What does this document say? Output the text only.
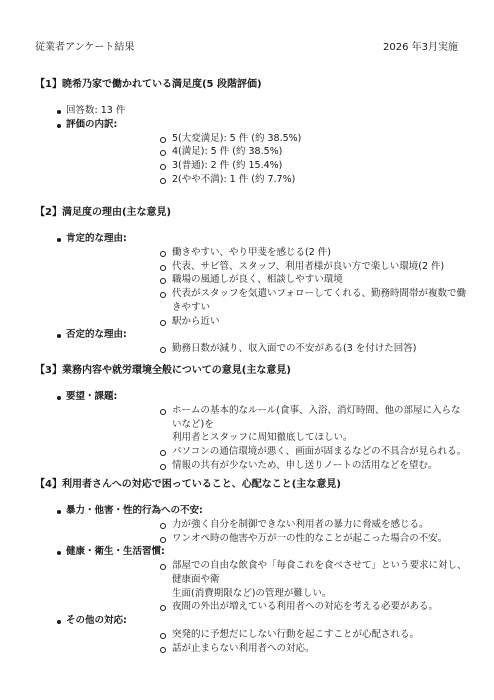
従業者アンケート結果	2026 年3月実施
【1】暁希乃家で働かれている満足度(5 段階評価)
回答数: 13 件
評価の内訳:
5(大変満足): 5 件 (約 38.5%)
4(満足): 5 件 (約 38.5%)
3(普通): 2 件 (約 15.4%)
2(やや不満): 1 件 (約 7.7%)
【2】満足度の理由(主な意見)
肯定的な理由:
働きやすい、やり甲斐を感じる(2 件)
代表、サビ管、スタッフ、利用者様が良い方で楽しい環境(2 件)
職場の風通しが良く、相談しやすい環境
代表がスタッフを気遣いフォローしてくれる、勤務時間帯が複数で働きやすい
駅から近い
否定的な理由:
勤務日数が減り、収入面での不安がある(3 を付けた回答)
【3】業務内容や就労環境全般についての意見(主な意見)
要望・課題:
ホームの基本的なルール(食事、入浴、消灯時間、他の部屋に入らないなど)を
利用者とスタッフに周知徹底してほしい。
パソコンの通信環境が悪く、画面が固まるなどの不具合が見られる。
情報の共有が少ないため、申し送りノートの活用などを望む。
【4】利用者さんへの対応で困っていること、心配なこと(主な意見)
暴力・他害・性的行為への不安:
力が強く自分を制御できない利用者の暴力に脅威を感じる。
ワンオペ時の他害や万が一の性的なことが起こった場合の不安。
健康・衛生・生活習慣:
部屋での自由な飲食や「毎食これを食べさせて」という要求に対し、健康面や衛
生面(消費期限など)の管理が難しい。
夜間の外出が増えている利用者への対応を考える必要がある。
その他の対応:
突発的に予想だにしない行動を起こすことが心配される。
話が止まらない利用者への対応。
